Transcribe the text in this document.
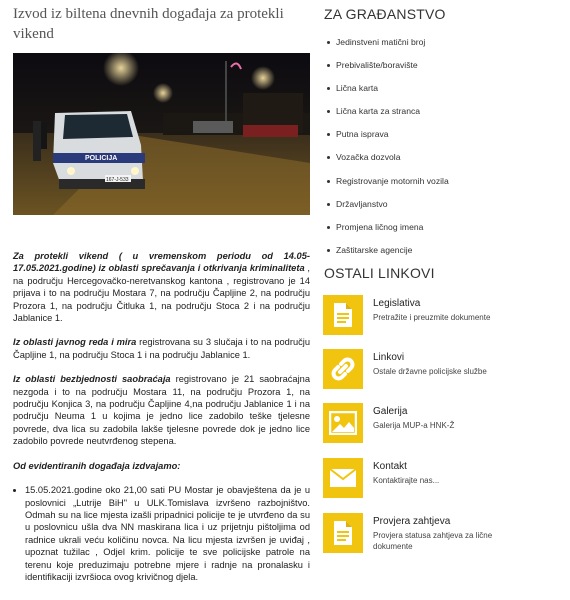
Izvod iz biltena dnevnih događaja za protekli vikend
POLICIJA
167-J-533

Za protekli vikend ( u vremenskom periodu od 14.05-17.05.2021.godine) iz oblasti sprečavanja i otkrivanja kriminaliteta , na području Hercegovačko-neretvanskog kantona , registrovano je 14 prijava i to na području Mostara 7, na području Čapljine 2, na području Prozora 1, na području Čitluka 1, na području Stoca 2 i na području Jablanice 1.

Iz oblasti javnog reda i mira registrovana su 3 slučaja i to na području Čapljine 1, na području Stoca 1 i na području Jablanice 1.

Iz oblasti bezbjednosti saobraćaja registrovano je 21 saobraćajna nezgoda i to na području Mostara 11, na području Prozora 1, na području Konjica 3, na području Čapljine 4,na području Jablanice 1 i na području Neuma 1 u kojima je jedno lice zadobilo teške tjelesne povrede, dva lica su zadobila lakše tjelesne povrede dok je jedno lice zadobilo povrede neutvrđenog stepena.

Od evidentiranih događaja izdvajamo:

• 15.05.2021.godine oko 21,00 sati PU Mostar je obavještena da je u poslovnici „Lutrije BiH" u ULK.Tomislava izvršeno razbojništvo. Odmah su na lice mjesta izašli pripadnici policije te je utvrđeno da su u poslovnicu ušla dva NN maskirana lica i uz prijetnju pištoljima od radnice ukrali veću količinu novca. Na licu mjesta izvršen je uviđaj , upoznat tužilac , Odjel krim. policije te sve policijske patrole na terenu koje preduzimaju potrebne mjere i radnje na pronalasku i identifikaciji izvršioca ovog krivičnog djela.
ZA GRAĐANSTVO
Jedinstveni matični broj
Prebivalište/boravište
Lična karta
Lična karta za stranca
Putna isprava
Vozačka dozvola
Registrovanje motornih vozila
Državljanstvo
Promjena ličnog imena
Zaštitarske agencije
OSTALI LINKOVI
Legislativa
Pretražite i preuzmite dokumente
Linkovi
Ostale državne policijske službe
Galerija
Galerija MUP-a HNK-Ž
Kontakt
Kontaktirajte nas...
Provjera zahtjeva
Provjera statusa zahtjeva za lične dokumente
